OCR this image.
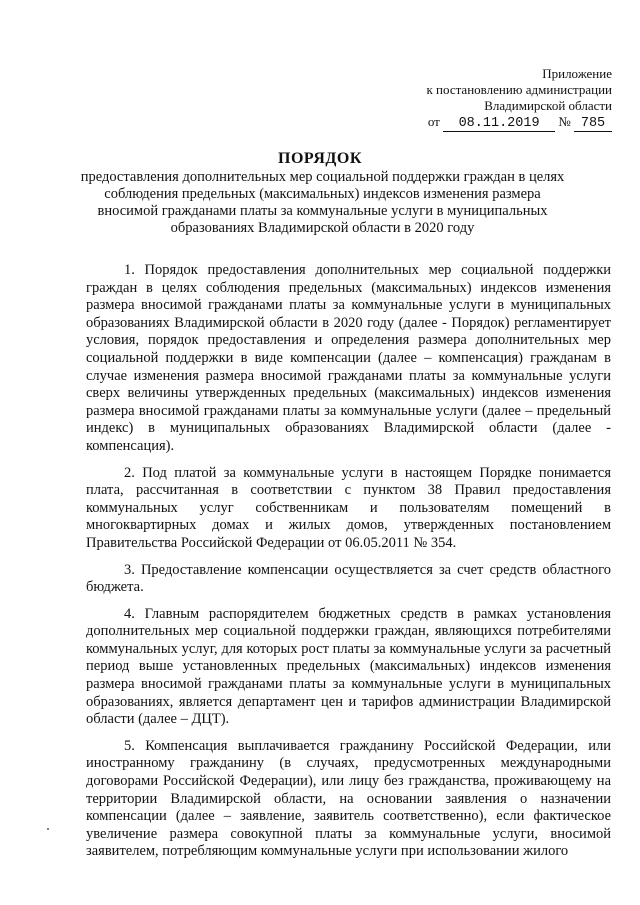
Приложение
к постановлению администрации
Владимирской области
от 08.11.2019 № 785
ПОРЯДОК
предоставления дополнительных мер социальной поддержки граждан в целях соблюдения предельных (максимальных) индексов изменения размера вносимой гражданами платы за коммунальные услуги в муниципальных образованиях Владимирской области в 2020 году

1. Порядок предоставления дополнительных мер социальной поддержки граждан в целях соблюдения предельных (максимальных) индексов изменения размера вносимой гражданами платы за коммунальные услуги в муниципальных образованиях Владимирской области в 2020 году (далее - Порядок) регламентирует условия, порядок предоставления и определения размера дополнительных мер социальной поддержки в виде компенсации (далее – компенсация) гражданам в случае изменения размера вносимой гражданами платы за коммунальные услуги сверх величины утвержденных предельных (максимальных) индексов изменения размера вносимой гражданами платы за коммунальные услуги (далее – предельный индекс) в муниципальных образованиях Владимирской области (далее - компенсация).

2. Под платой за коммунальные услуги в настоящем Порядке понимается плата, рассчитанная в соответствии с пунктом 38 Правил предоставления коммунальных услуг собственникам и пользователям помещений в многоквартирных домах и жилых домов, утвержденных постановлением Правительства Российской Федерации от 06.05.2011 № 354.

3. Предоставление компенсации осуществляется за счет средств областного бюджета.

4. Главным распорядителем бюджетных средств в рамках установления дополнительных мер социальной поддержки граждан, являющихся потребителями коммунальных услуг, для которых рост платы за коммунальные услуги за расчетный период выше установленных предельных (максимальных) индексов изменения размера вносимой гражданами платы за коммунальные услуги в муниципальных образованиях, является департамент цен и тарифов администрации Владимирской области (далее – ДЦТ).

5. Компенсация выплачивается гражданину Российской Федерации, или иностранному гражданину (в случаях, предусмотренных международными договорами Российской Федерации), или лицу без гражданства, проживающему на территории Владимирской области, на основании заявления о назначении компенсации (далее – заявление, заявитель соответственно), если фактическое увеличение размера совокупной платы за коммунальные услуги, вносимой заявителем, потребляющим коммунальные услуги при использовании жилого
